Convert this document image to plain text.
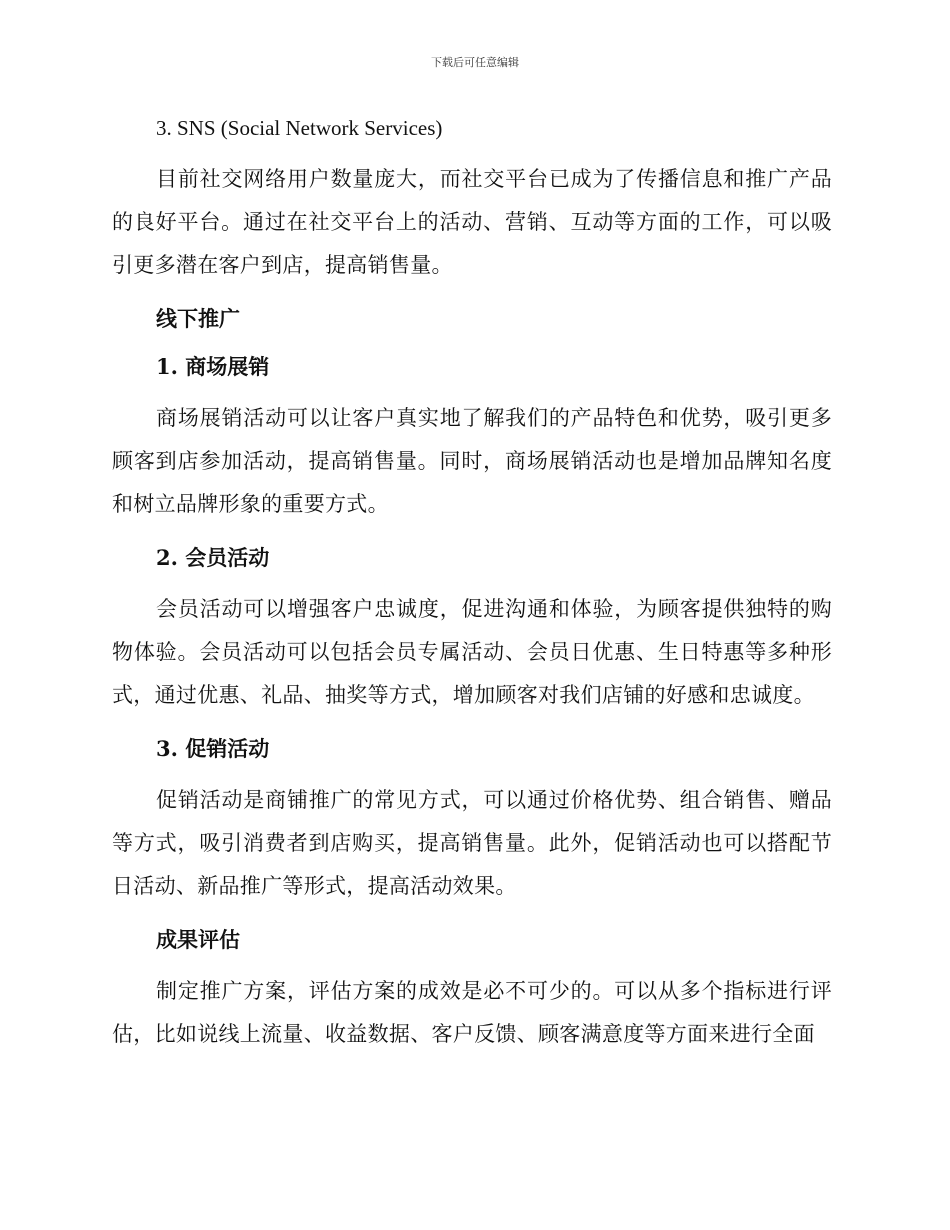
下载后可任意编辑
3. SNS (Social Network Services)

目前社交网络用户数量庞大，而社交平台已成为了传播信息和推广产品的良好平台。通过在社交平台上的活动、营销、互动等方面的工作，可以吸引更多潜在客户到店，提高销售量。

线下推广
1. 商场展销

商场展销活动可以让客户真实地了解我们的产品特色和优势，吸引更多顾客到店参加活动，提高销售量。同时，商场展销活动也是增加品牌知名度和树立品牌形象的重要方式。

2. 会员活动

会员活动可以增强客户忠诚度，促进沟通和体验，为顾客提供独特的购物体验。会员活动可以包括会员专属活动、会员日优惠、生日特惠等多种形式，通过优惠、礼品、抽奖等方式，增加顾客对我们店铺的好感和忠诚度。

3. 促销活动

促销活动是商铺推广的常见方式，可以通过价格优势、组合销售、赠品等方式，吸引消费者到店购买，提高销售量。此外，促销活动也可以搭配节日活动、新品推广等形式，提高活动效果。

成果评估

制定推广方案，评估方案的成效是必不可少的。可以从多个指标进行评估，比如说线上流量、收益数据、客户反馈、顾客满意度等方面来进行全面
